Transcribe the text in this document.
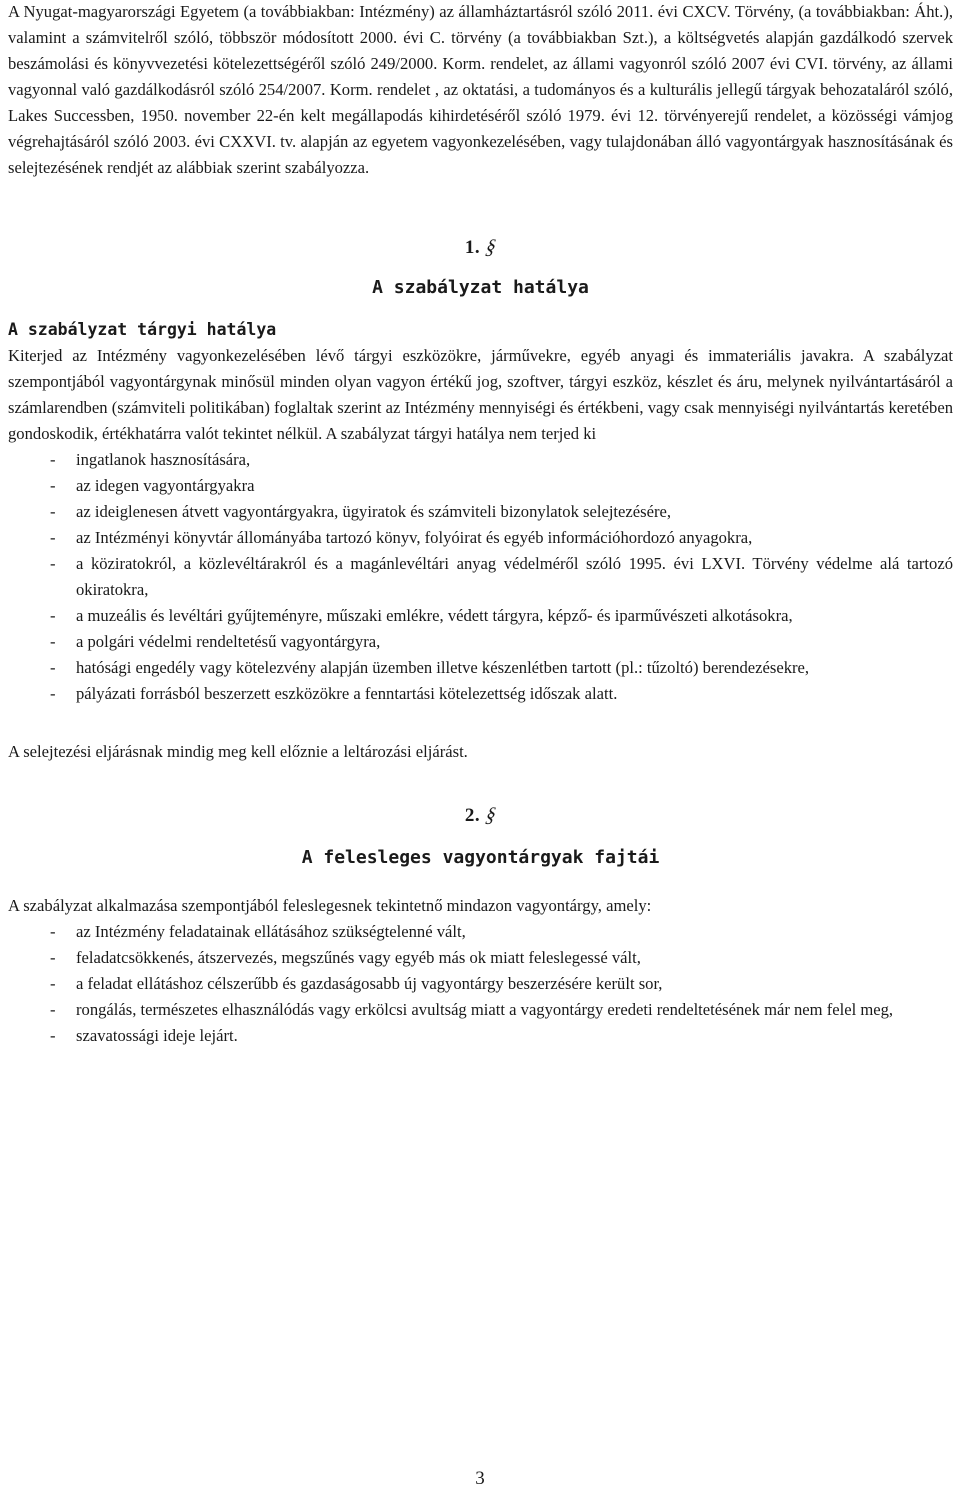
A Nyugat-magyarországi Egyetem (a továbbiakban: Intézmény) az államháztartásról szóló 2011. évi CXCV. Törvény, (a továbbiakban: Áht.), valamint a számvitelről szóló, többször módosított 2000. évi C. törvény (a továbbiakban Szt.), a költségvetés alapján gazdálkodó szervek beszámolási és könyvvezetési kötelezettségéről szóló 249/2000. Korm. rendelet, az állami vagyonról szóló 2007 évi CVI. törvény, az állami vagyonnal való gazdálkodásról szóló 254/2007. Korm. rendelet , az oktatási, a tudományos és a kulturális jellegű tárgyak behozataláról szóló, Lakes Successben, 1950. november 22-én kelt megállapodás kihirdetéséről szóló 1979. évi 12. törvényerejű rendelet, a közösségi vámjog végrehajtásáról szóló 2003. évi CXXVI. tv. alapján az egyetem vagyonkezelésében, vagy tulajdonában álló vagyontárgyak hasznosításának és selejtezésének rendjét az alábbiak szerint szabályozza.

1. §

A szabályzat hatálya

A szabályzat tárgyi hatálya

Kiterjed az Intézmény vagyonkezelésében lévő tárgyi eszközökre, járművekre, egyéb anyagi és immateriális javakra. A szabályzat szempontjából vagyontárgynak minősül minden olyan vagyon értékű jog, szoftver, tárgyi eszköz, készlet és áru, melynek nyilvántartásáról a számlarendben (számviteli politikában) foglaltak szerint az Intézmény mennyiségi és értékbeni, vagy csak mennyiségi nyilvántartás keretében gondoskodik, értékhatárra valót tekintet nélkül. A szabályzat tárgyi hatálya nem terjed ki

- ingatlanok hasznosítására,
- az idegen vagyontárgyakra
- az ideiglenesen átvett vagyontárgyakra, ügyiratok és számviteli bizonylatok selejtezésére,
- az Intézményi könyvtár állományába tartozó könyv, folyóirat és egyéb információhordozó anyagokra,
- a köziratokról, a közlevéltárakról és a magánlevéltári anyag védelméről szóló 1995. évi LXVI. Törvény védelme alá tartozó okiratokra,
- a muzeális és levéltári gyűjteményre, műszaki emlékre, védett tárgyra, képző- és iparművészeti alkotásokra,
- a polgári védelmi rendeltetésű vagyontárgyra,
- hatósági engedély vagy kötelezvény alapján üzemben illetve készenlétben tartott (pl.: tűzoltó) berendezésekre,
- pályázati forrásból beszerzett eszközökre a fenntartási kötelezettség időszak alatt.

A selejtezési eljárásnak mindig meg kell előznie a leltározási eljárást.

2. §

A felesleges vagyontárgyak fajtái

A szabályzat alkalmazása szempontjából feleslegesnek tekintetnő mindazon vagyontárgy, amely:

- az Intézmény feladatainak ellátásához szükségtelenné vált,
- feladatcsökkenés, átszervezés, megszűnés vagy egyéb más ok miatt feleslegessé vált,
- a feladat ellátáshoz célszerűbb és gazdaságosabb új vagyontárgy beszerzésére került sor,
- rongálás, természetes elhasználódás vagy erkölcsi avultság miatt a vagyontárgy eredeti rendeltetésének már nem felel meg,
- szavatossági ideje lejárt.
3
